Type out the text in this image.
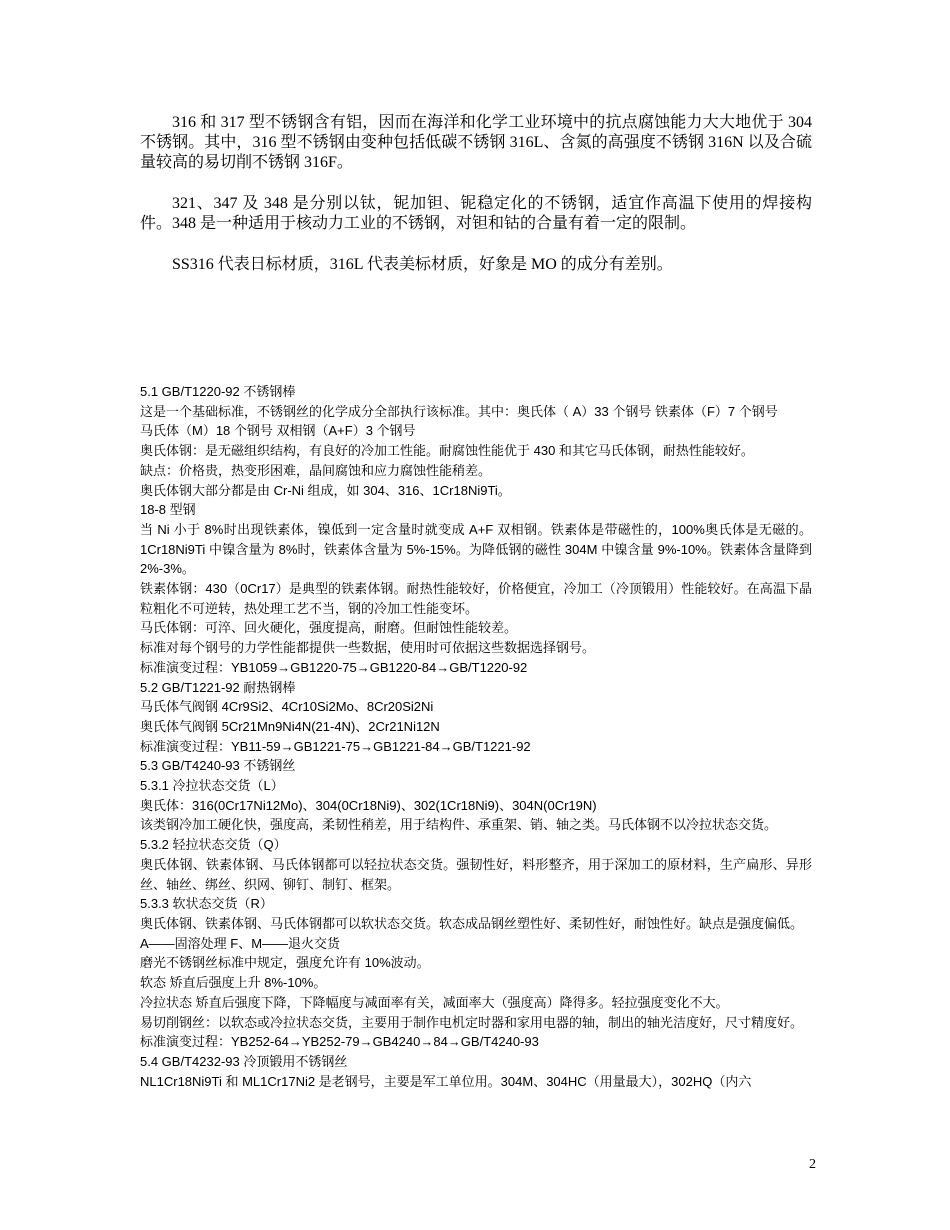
316 和 317 型不锈钢含有铝，因而在海洋和化学工业环境中的抗点腐蚀能力大大地优于 304 不锈钢。其中，316 型不锈钢由变种包括低碳不锈钢 316L、含氮的高强度不锈钢 316N 以及合硫量较高的易切削不锈钢 316F。

321、347 及 348 是分别以钛，铌加钽、铌稳定化的不锈钢，适宜作高温下使用的焊接构件。348 是一种适用于核动力工业的不锈钢，对钽和钴的合量有着一定的限制。

SS316 代表日标材质，316L 代表美标材质，好象是 MO 的成分有差别。

5.1 GB/T1220-92 不锈钢棒
这是一个基础标准，不锈钢丝的化学成分全部执行该标准。其中：奥氏体（ A）33 个钢号 铁素体（F）7 个钢号
马氏体（M）18 个钢号 双相钢（A+F）3 个钢号
奥氏体钢：是无磁组织结构，有良好的冷加工性能。耐腐蚀性能优于 430 和其它马氏体钢，耐热性能较好。
缺点：价格贵，热变形困难，晶间腐蚀和应力腐蚀性能稍差。
奥氏体钢大部分都是由 Cr-Ni 组成，如 304、316、1Cr18Ni9Ti。
18-8 型钢
当 Ni 小于 8%时出现铁素体，镍低到一定含量时就变成 A+F 双相钢。铁素体是带磁性的，100%奥氏体是无磁的。1Cr18Ni9Ti 中镍含量为 8%时，铁素体含量为 5%-15%。为降低钢的磁性 304M 中镍含量 9%-10%。铁素体含量降到 2%-3%。
铁素体钢：430（0Cr17）是典型的铁素体钢。耐热性能较好，价格便宜，冷加工（冷顶锻用）性能较好。在高温下晶粒粗化不可逆转，热处理工艺不当，钢的冷加工性能变坏。
马氏体钢：可淬、回火硬化，强度提高，耐磨。但耐蚀性能较差。
标准对每个钢号的力学性能都提供一些数据，使用时可依据这些数据选择钢号。
标准演变过程：YB1059→GB1220-75→GB1220-84→GB/T1220-92
5.2 GB/T1221-92 耐热钢棒
马氏体气阀钢 4Cr9Si2、4Cr10Si2Mo、8Cr20Si2Ni
奥氏体气阀钢 5Cr21Mn9Ni4N(21-4N)、2Cr21Ni12N
标准演变过程：YB11-59→GB1221-75→GB1221-84→GB/T1221-92
5.3 GB/T4240-93 不锈钢丝
5.3.1 冷拉状态交货（L）
奥氏体：316(0Cr17Ni12Mo)、304(0Cr18Ni9)、302(1Cr18Ni9)、304N(0Cr19N)
该类钢冷加工硬化快，强度高，柔韧性稍差，用于结构件、承重架、销、轴之类。马氏体钢不以冷拉状态交货。
5.3.2 轻拉状态交货（Q）
奥氏体钢、铁素体钢、马氏体钢都可以轻拉状态交货。强韧性好，料形整齐，用于深加工的原材料，生产扁形、异形丝、轴丝、绑丝、织网、铆钉、制钉、框架。
5.3.3 软状态交货（R）
奥氏体钢、铁素体钢、马氏体钢都可以软状态交货。软态成品钢丝塑性好、柔韧性好，耐蚀性好。缺点是强度偏低。
A——固溶处理 F、M——退火交货
磨光不锈钢丝标准中规定，强度允许有 10%波动。
软态 矫直后强度上升 8%-10%。
冷拉状态 矫直后强度下降，下降幅度与减面率有关，减面率大（强度高）降得多。轻拉强度变化不大。
易切削钢丝：以软态或冷拉状态交货，主要用于制作电机定时器和家用电器的轴，制出的轴光洁度好，尺寸精度好。
标准演变过程：YB252-64→YB252-79→GB4240→84→GB/T4240-93
5.4 GB/T4232-93 冷顶锻用不锈钢丝
NL1Cr18Ni9Ti 和 ML1Cr17Ni2 是老钢号，主要是军工单位用。304M、304HC（用量最大），302HQ（内六
2
